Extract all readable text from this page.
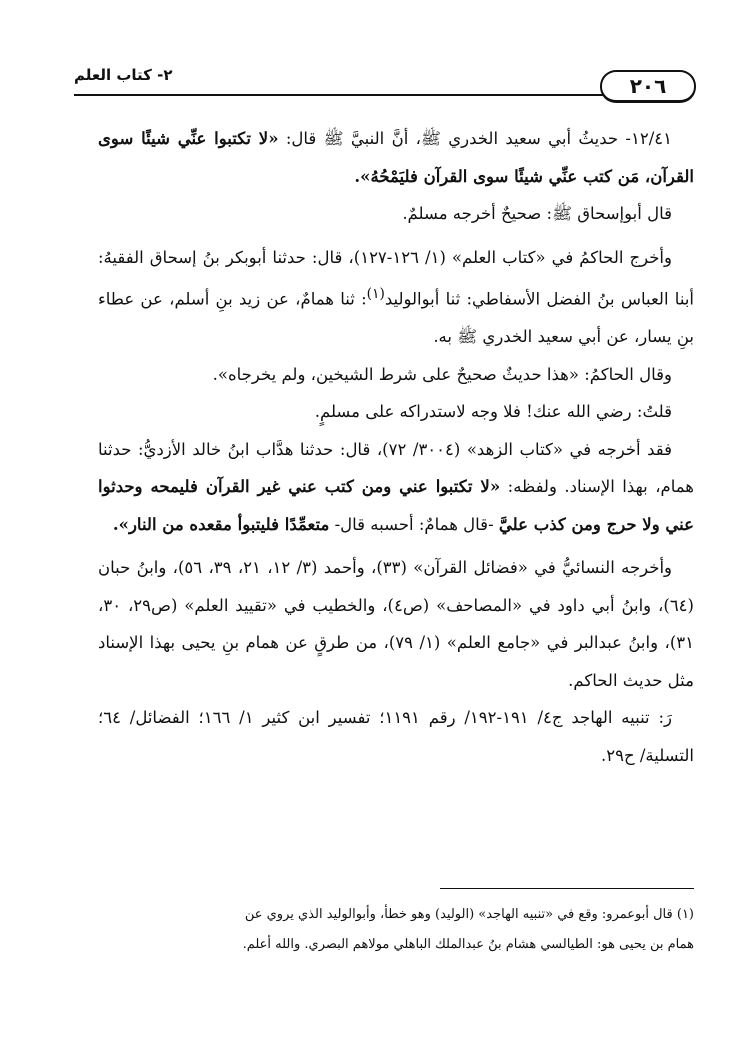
٢٠٦
٢- كتاب العلم

١٢/٤١- حديثُ أبي سعيد الخدري ﷺ، أنَّ النبيَّ ﷺ قال: «لا تكتبوا عنِّي شيئًا سوى القرآن، مَن كتب عنِّي شيئًا سوى القرآن فليَمْحُهُ».

قال أبوإسحاق ﷺ: صحيحٌ أخرجه مسلمٌ.

وأخرج الحاكمُ في «كتاب العلم» (١/ ١٢٦-١٢٧)، قال: حدثنا أبوبكر بنُ إسحاق الفقيهُ: أبنا العباس بنُ الفضل الأسفاطي: ثنا أبوالوليد$^{(١)}$: ثنا همامٌ، عن زيد بنِ أسلم، عن عطاء بنِ يسار، عن أبي سعيد الخدري ﷺ به.

وقال الحاكمُ: «هذا حديثٌ صحيحٌ على شرط الشيخين، ولم يخرجاه».

قلتُ: رضي الله عنك! فلا وجه لاستدراكه على مسلمٍ.

فقد أخرجه في «كتاب الزهد» (٣٠٠٤/ ٧٢)، قال: حدثنا هدَّاب ابنُ خالد الأزديُّ: حدثنا همام، بهذا الإسناد. ولفظه: «لا تكتبوا عني ومن كتب عني غير القرآن فليمحه وحدثوا عني ولا حرج ومن كذب عليَّ -قال همامٌ: أحسبه قال- متعمِّدًا فليتبوأ مقعده من النار».

وأخرجه النسائيُّ في «فضائل القرآن» (٣٣)، وأحمد (٣/ ١٢، ٢١، ٣٩، ٥٦)، وابنُ حبان (٦٤)، وابنُ أبي داود في «المصاحف» (ص٤)، والخطيب في «تقييد العلم» (ص٢٩، ٣٠، ٣١)، وابنُ عبدالبر في «جامع العلم» (١/ ٧٩)، من طرقٍ عن همام بنِ يحيى بهذا الإسناد مثل حديث الحاكم.

رَ: تنبيه الهاجد ج٤/ ١٩١-١٩٢/ رقم ١١٩١؛ تفسير ابن كثير ١/ ١٦٦؛ الفضائل/ ٦٤؛ التسلية/ ح٢٩.

(١) قال أبوعمرو: وقع في «تنبيه الهاجد» (الوليد) وهو خطأ، وأبوالوليد الذي يروي عن

همام بن يحيى هو: الطيالسي هشام بنُ عبدالملك الباهلي مولاهم البصري. والله أعلم.
